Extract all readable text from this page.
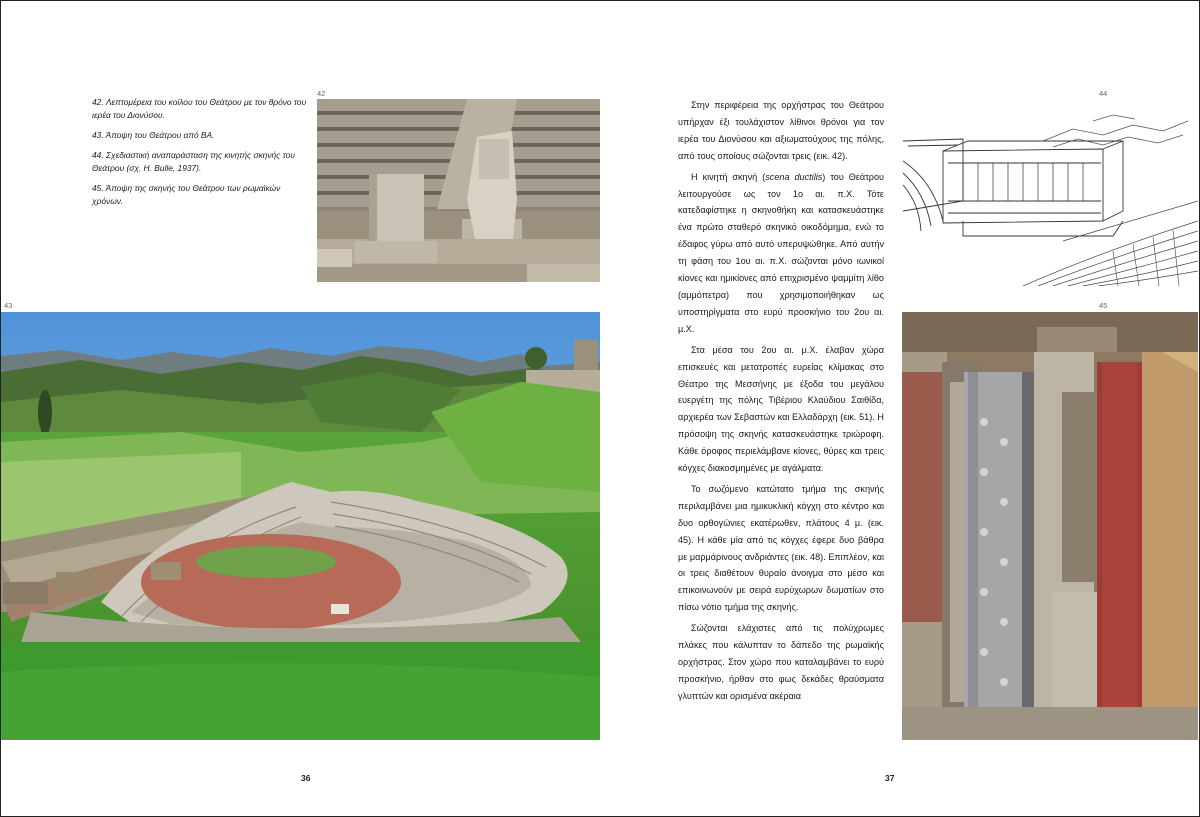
42. Λεπτομέρεια του κοίλου του Θεάτρου με τον θρόνο του ιερέα του Διονύσου.

43. Άποψη του Θεάτρου από ΒΑ.

44. Σχεδιαστική αναπαράσταση της κινητής σκηνής του Θεάτρου (σχ. H. Bulle, 1937).

45. Άποψη της σκηνής του Θεάτρου των ρωμαϊκών χρόνων.

42
43
44
45

Στην περιφέρεια της ορχήστρας του Θεάτρου υπήρχαν έξι τουλάχιστον λίθινοι θρόνοι για τον ιερέα του Διονύσου και αξιωματούχους της πόλης, από τους οποίους σώζονται τρεις (εικ. 42).

Η κινητή σκηνή (scena ductilis) του Θεάτρου λειτουργούσε ως τον 1ο αι. π.Χ. Τότε κατεδαφίστηκε η σκηνοθήκη και κατασκευάστηκε ένα πρώτο σταθερό σκηνικό οικοδόμημα, ενώ το έδαφος γύρω από αυτό υπερυψώθηκε. Από αυτήν τη φάση του 1ου αι. π.Χ. σώζονται μόνο ιωνικοί κίονες και ημικίονες από επιχρισμένο ψαμμίτη λίθο (αμμόπετρα) που χρησιμοποιήθηκαν ως υποστηρίγματα στο ευρύ προσκήνιο του 2ου αι. μ.Χ.

Στα μέσα του 2ου αι. μ.Χ. έλαβαν χώρα επισκευές και μετατροπές ευρείας κλίμακας στο Θέατρο της Μεσσήνης με έξοδα του μεγάλου ευεργέτη της πόλης Τιβέριου Κλαύδιου Σαιθίδα, αρχιερέα των Σεβαστών και Ελλαδάρχη (εικ. 51). Η πρόσοψη της σκηνής κατασκευάστηκε τριώροφη. Κάθε όροφος περιελάμβανε κίονες, θύρες και τρεις κόγχες διακοσμημένες με αγάλματα.

Το σωζόμενο κατώτατο τμήμα της σκηνής περιλαμβάνει μια ημικυκλική κόγχη στο κέντρο και δυο ορθογώνιες εκατέρωθεν, πλάτους 4 μ. (εικ. 45). Η κάθε μία από τις κόγχες έφερε δυο βάθρα με μαρμάρινους ανδριάντες (εικ. 48). Επιπλέον, και οι τρεις διαθέτουν θυραίο άνοιγμα στο μέσο και επικοινωνούν με σειρά ευρύχωρων δωματίων στο πίσω νότιο τμήμα της σκηνής.

Σώζονται ελάχιστες από τις πολύχρωμες πλάκες που κάλυπταν το δάπεδο της ρωμαϊκής ορχήστρας. Στον χώρο που καταλαμβάνει το ευρύ προσκήνιο, ήρθαν στο φως δεκάδες θραύσματα γλυπτών και ορισμένα ακέραια

36	37
